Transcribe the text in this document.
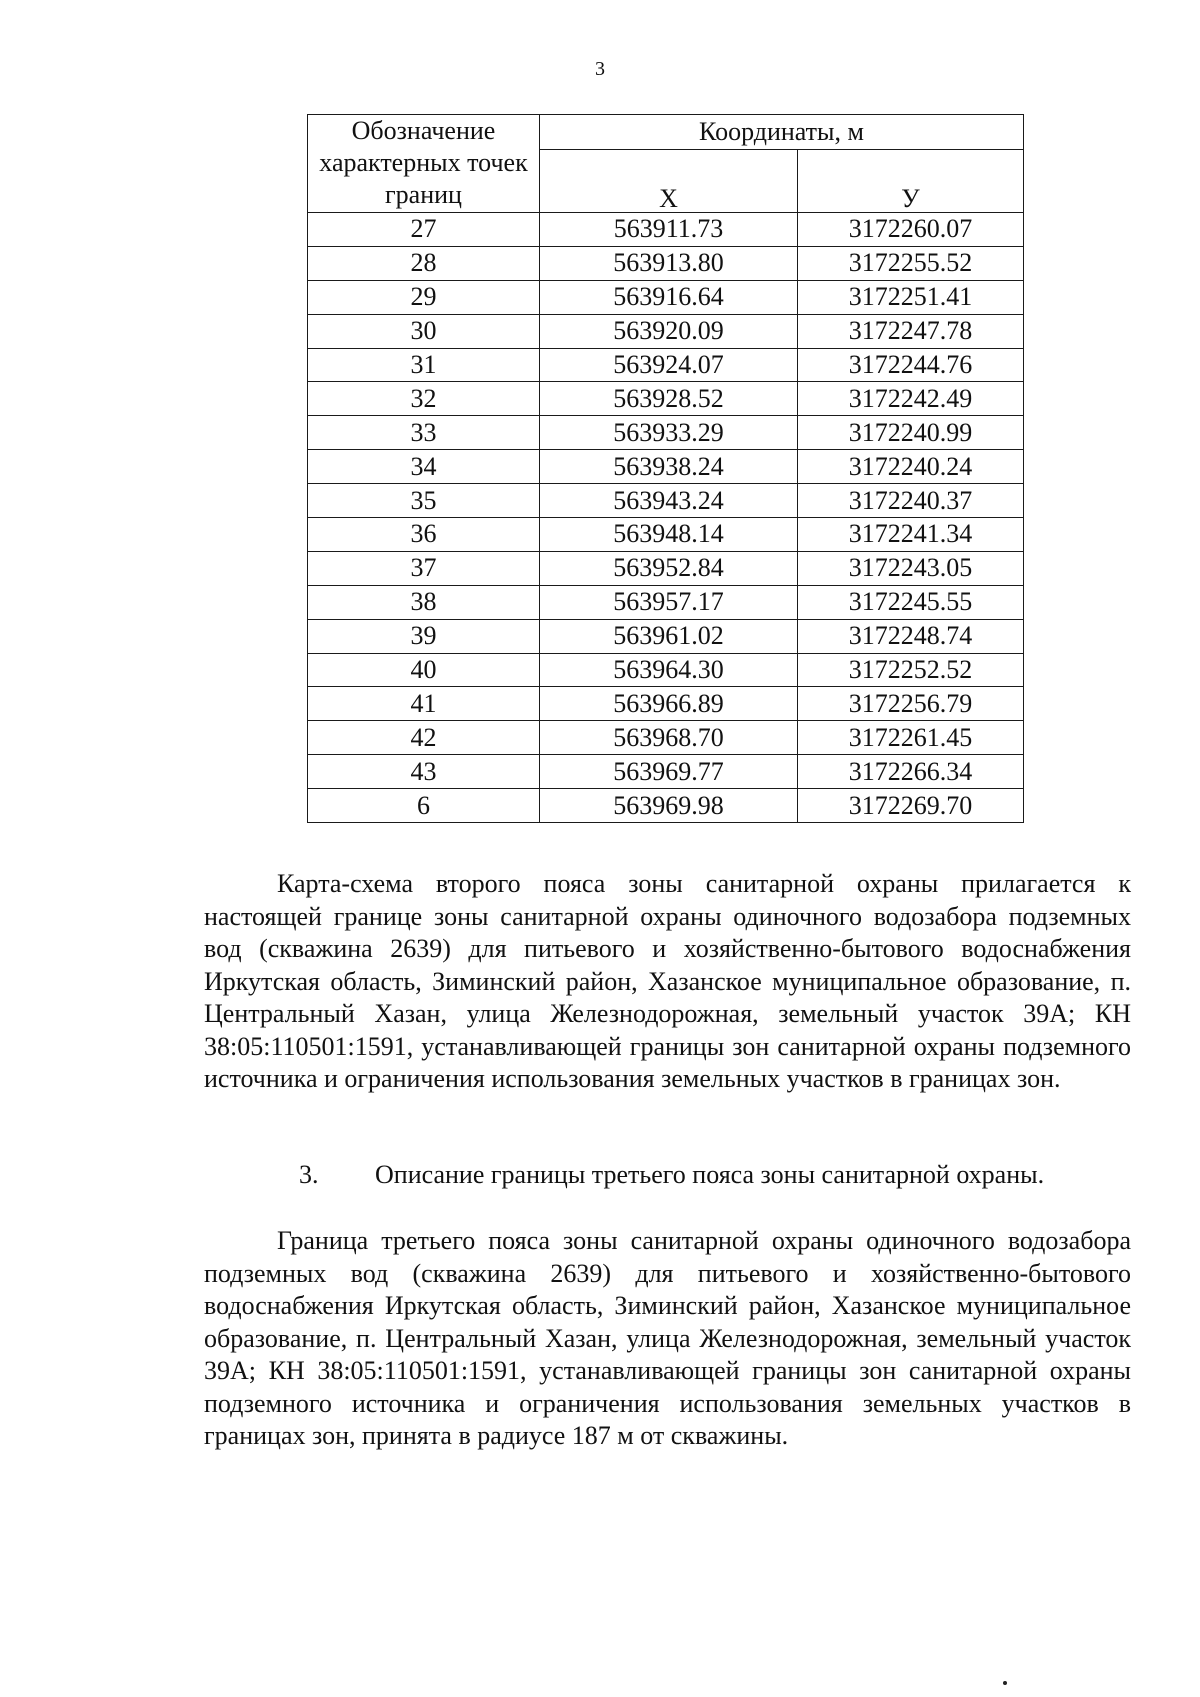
3
Обозначение характерных точек границ	Координаты, м	
	X	У
27	563911.73	3172260.07
28	563913.80	3172255.52
29	563916.64	3172251.41
30	563920.09	3172247.78
31	563924.07	3172244.76
32	563928.52	3172242.49
33	563933.29	3172240.99
34	563938.24	3172240.24
35	563943.24	3172240.37
36	563948.14	3172241.34
37	563952.84	3172243.05
38	563957.17	3172245.55
39	563961.02	3172248.74
40	563964.30	3172252.52
41	563966.89	3172256.79
42	563968.70	3172261.45
43	563969.77	3172266.34
6	563969.98	3172269.70

Карта-схема второго пояса зоны санитарной охраны прилагается к настоящей границе зоны санитарной охраны одиночного водозабора подземных вод (скважина 2639) для питьевого и хозяйственно-бытового водоснабжения Иркутская область, Зиминский район, Хазанское муниципальное образование, п. Центральный Хазан, улица Железнодорожная, земельный участок 39А; КН 38:05:110501:1591, устанавливающей границы зон санитарной охраны подземного источника и ограничения использования земельных участков в границах зон.

3. Описание границы третьего пояса зоны санитарной охраны.

Граница третьего пояса зоны санитарной охраны одиночного водозабора подземных вод (скважина 2639) для питьевого и хозяйственно-бытового водоснабжения Иркутская область, Зиминский район, Хазанское муниципальное образование, п. Центральный Хазан, улица Железнодорожная, земельный участок 39А; КН 38:05:110501:1591, устанавливающей границы зон санитарной охраны подземного источника и ограничения использования земельных участков в границах зон, принята в радиусе 187 м от скважины.
